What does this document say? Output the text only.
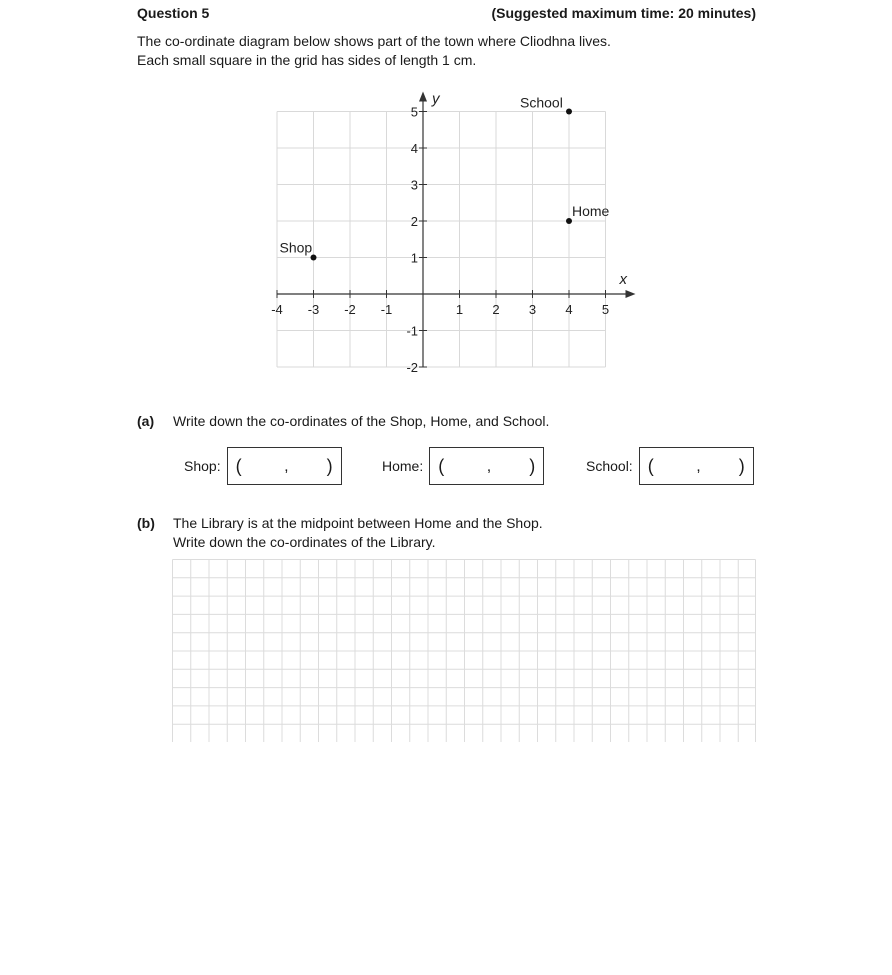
Question 5	(Suggested maximum time: 20 minutes)
The co-ordinate diagram below shows part of the town where Cliodhna lives.
Each small square in the grid has sides of length 1 cm.
x
y
-4 -3 -2 -1	1 2 3 4 5
5
4
3
2
1
-1
-2
Shop
Home
School
(a) Write down the co-ordinates of the Shop, Home, and School.
Shop: (	, )	Home: (	, )	School: (	, )
(b) The Library is at the midpoint between Home and the Shop.
Write down the co-ordinates of the Library.
